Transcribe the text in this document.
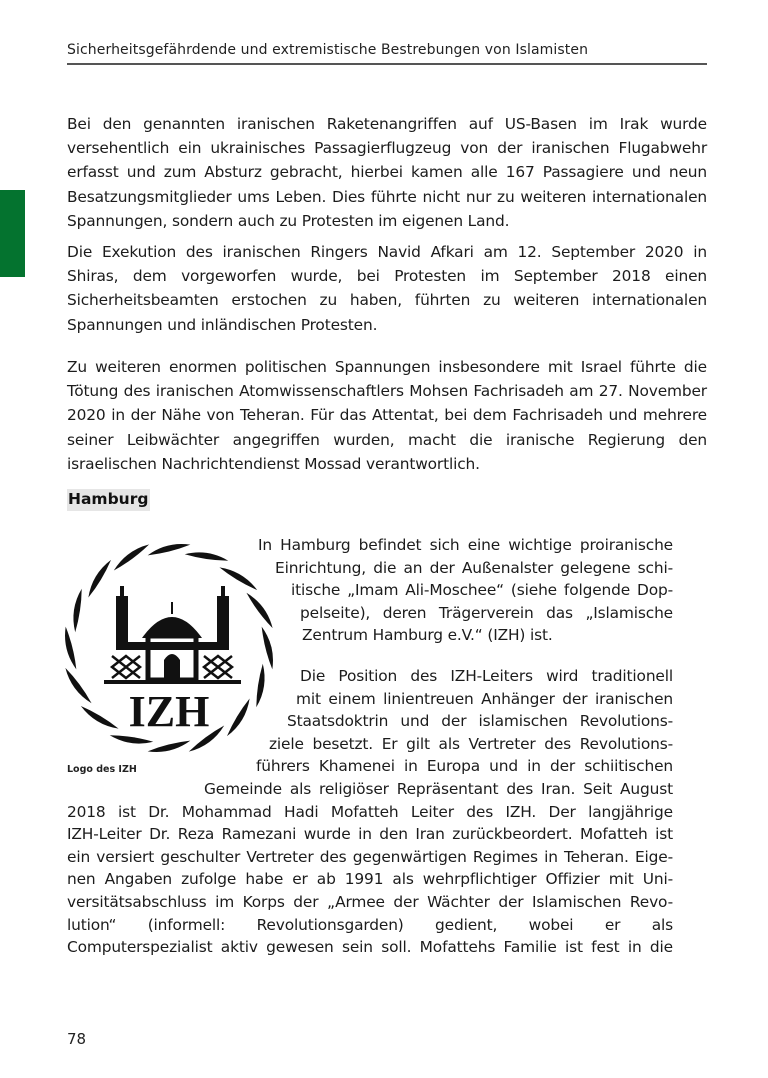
Sicherheitsgefährdende und extremistische Bestrebungen von Islamisten
Bei den genannten iranischen Raketenangriffen auf US-Basen im Irak wurde versehentlich ein ukrainisches Passagierflugzeug von der iranischen Flugabwehr erfasst und zum Absturz gebracht, hierbei kamen alle 167 Passagiere und neun Besatzungsmitglieder ums Leben. Dies führte nicht nur zu weiteren internationalen Spannungen, sondern auch zu Protesten im eigenen Land.
Die Exekution des iranischen Ringers Navid Afkari am 12. September 2020 in Shiras, dem vorgeworfen wurde, bei Protesten im September 2018 einen Sicherheitsbeamten erstochen zu haben, führten zu weiteren internationalen Spannungen und inländischen Protesten.
Zu weiteren enormen politischen Spannungen insbesondere mit Israel führte die Tötung des iranischen Atomwissenschaftlers Mohsen Fachrisadeh am 27. November 2020 in der Nähe von Teheran. Für das Attentat, bei dem Fachrisadeh und mehrere seiner Leibwächter angegriffen wurden, macht die iranische Regierung den israelischen Nachrichtendienst Mossad verantwortlich.
Hamburg
IZH
Logo des IZH
In Hamburg befindet sich eine wichtige proiranische
Einrichtung, die an der Außenalster gelegene schi-
itische „Imam Ali-Moschee“ (siehe folgende Dop-
pelseite), deren Trägerverein das „Islamische
Zentrum Hamburg e.V.“ (IZH) ist.
Die Position des IZH-Leiters wird traditionell
mit einem linientreuen Anhänger der iranischen
Staatsdoktrin und der islamischen Revolutions-
ziele besetzt. Er gilt als Vertreter des Revolutions-
führers Khamenei in Europa und in der schiitischen
Gemeinde als religiöser Repräsentant des Iran. Seit August
2018 ist Dr. Mohammad Hadi Mofatteh Leiter des IZH. Der langjährige
IZH-Leiter Dr. Reza Ramezani wurde in den Iran zurückbeordert. Mofatteh ist
ein versiert geschulter Vertreter des gegenwärtigen Regimes in Teheran. Eige-
nen Angaben zufolge habe er ab 1991 als wehrpflichtiger Offizier mit Uni-
versitätsabschluss im Korps der „Armee der Wächter der Islamischen Revo-
lution“ (informell: Revolutionsgarden) gedient, wobei er als
Computerspezialist aktiv gewesen sein soll. Mofattehs Familie ist fest in die
78
